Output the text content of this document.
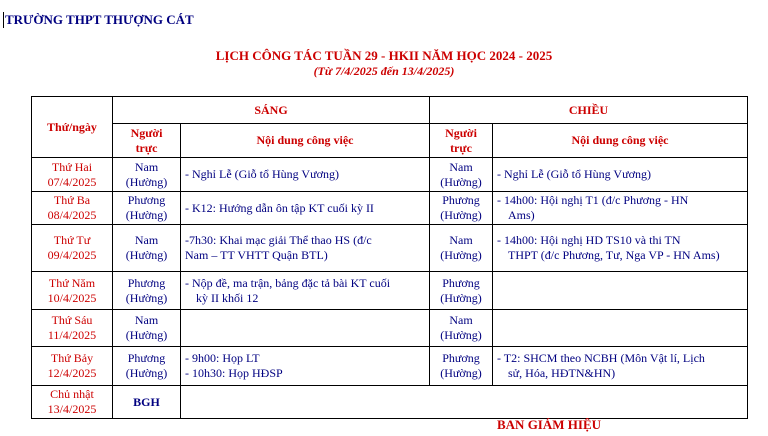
TRƯỜNG THPT THƯỢNG CÁT
LỊCH CÔNG TÁC TUẦN 29 - HKII NĂM HỌC 2024 - 2025
(Từ 7/4/2025 đến 13/4/2025)
Thứ/ngày	SÁNG		CHIỀU	

	Người
trực	Nội dung công việc	Người
trực	Nội dung công việc

Thứ Hai
07/4/2025	Nam
(Hường)	- Nghỉ Lễ (Giỗ tổ Hùng Vương)	Nam
(Hường)	- Nghỉ Lễ (Giỗ tổ Hùng Vương)

Thứ Ba
08/4/2025	Phương
(Hường)	- K12: Hướng dẫn ôn tập KT cuối kỳ II	Phương
(Hường)	- 14h00: Hội nghị T1 (đ/c Phương - HN
Ams)

Thứ Tư
09/4/2025	Nam
(Hường)	-7h30: Khai mạc giải Thể thao HS (đ/c
Nam – TT VHTT Quận BTL)	Nam
(Hường)	- 14h00: Hội nghị HD TS10 và thi TN
THPT (đ/c Phương, Tư, Nga VP - HN Ams)

Thứ Năm
10/4/2025	Phương
(Hường)	- Nộp đề, ma trận, bảng đặc tả bài KT cuối
kỳ II khối 12	Phương
(Hường)	

Thứ Sáu
11/4/2025	Nam
(Hường)		Nam
(Hường)	

Thứ Bảy
12/4/2025	Phương
(Hường)	- 9h00: Họp LT
- 10h30: Họp HĐSP	Phương
(Hường)	- T2: SHCM theo NCBH (Môn Vật lí, Lịch
sử, Hóa, HĐTN&HN)

Chủ nhật
13/4/2025	BGH			
BAN GIÁM HIỆU
